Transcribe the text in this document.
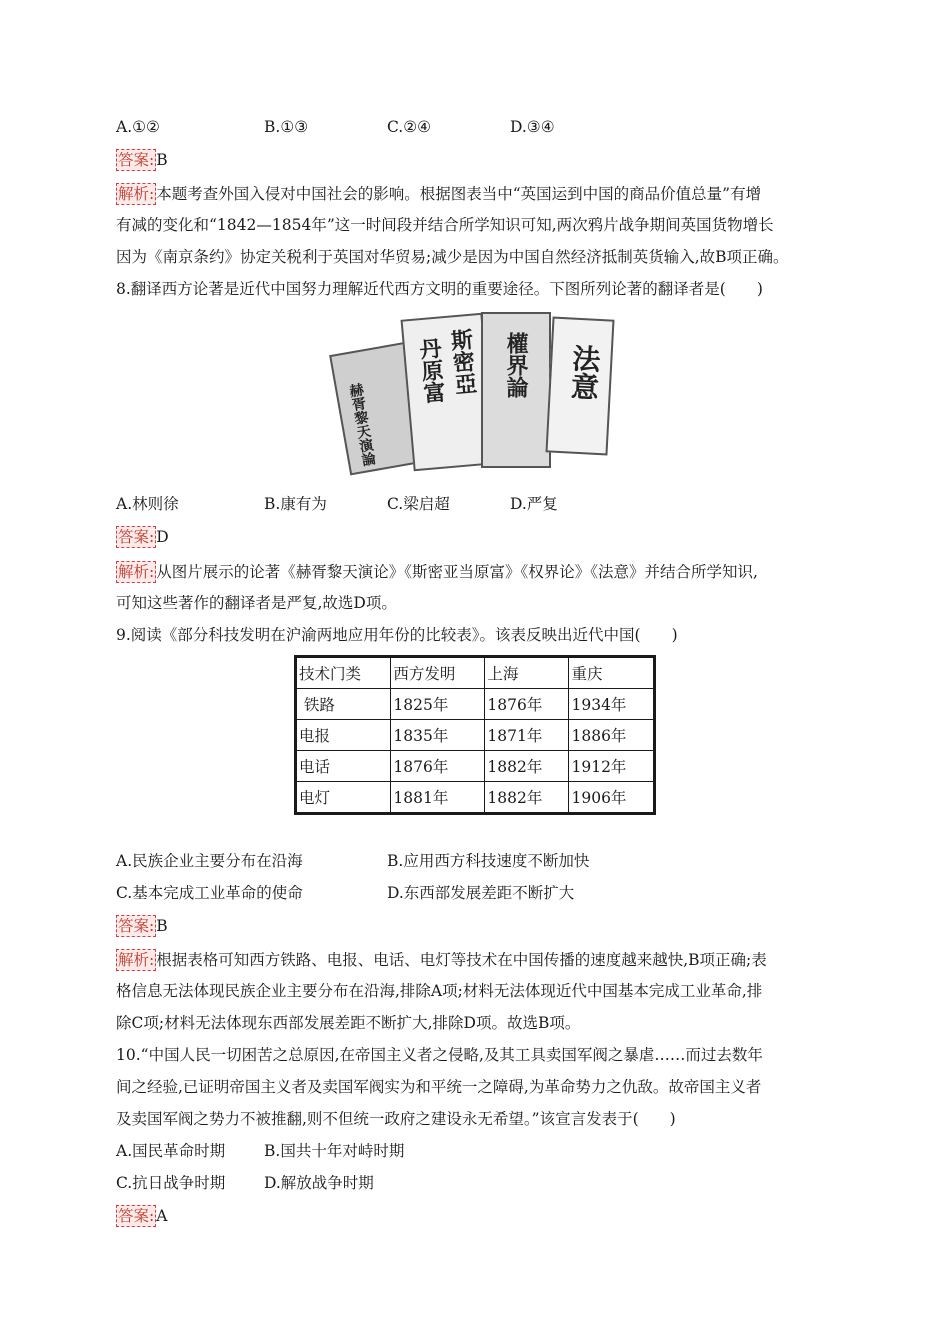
A.①②	B.①③	C.②④	D.③④
答案: B
解析: 本题考查外国入侵对中国社会的影响。根据图表当中“英国运到中国的商品价值总量”有增
有减的变化和“1842—1854年”这一时间段并结合所学知识可知,两次鸦片战争期间英国货物增长
因为《南京条约》协定关税利于英国对华贸易;减少是因为中国自然经济抵制英货输入,故B项正确。
8.翻译西方论著是近代中国努力理解近代西方文明的重要途径。下图所列论著的翻译者是(　　)
赫胥黎天演論
斯密亞
丹原富	權界論 法意
A.林则徐	B.康有为	C.梁启超	D.严复
答案: D
解析: 从图片展示的论著《赫胥黎天演论》《斯密亚当原富》《权界论》《法意》并结合所学知识,
可知这些著作的翻译者是严复,故选D项。
9.阅读《部分科技发明在沪渝两地应用年份的比较表》。该表反映出近代中国(　　)
技术门类	西方发明	上海	重庆
铁路	1825年	1876年	1934年
电报	1835年	1871年	1886年
电话	1876年	1882年	1912年
电灯	1881年	1882年	1906年
A.民族企业主要分布在沿海	B.应用西方科技速度不断加快
C.基本完成工业革命的使命	D.东西部发展差距不断扩大
答案: B
解析: 根据表格可知西方铁路、电报、电话、电灯等技术在中国传播的速度越来越快,B项正确;表
格信息无法体现民族企业主要分布在沿海,排除A项;材料无法体现近代中国基本完成工业革命,排
除C项;材料无法体现东西部发展差距不断扩大,排除D项。故选B项。
10.“中国人民一切困苦之总原因,在帝国主义者之侵略,及其工具卖国军阀之暴虐……而过去数年
间之经验,已证明帝国主义者及卖国军阀实为和平统一之障碍,为革命势力之仇敌。故帝国主义者
及卖国军阀之势力不被推翻,则不但统一政府之建设永无希望。”该宣言发表于(　　)
A.国民革命时期	B.国共十年对峙时期
C.抗日战争时期	D.解放战争时期
答案: A
